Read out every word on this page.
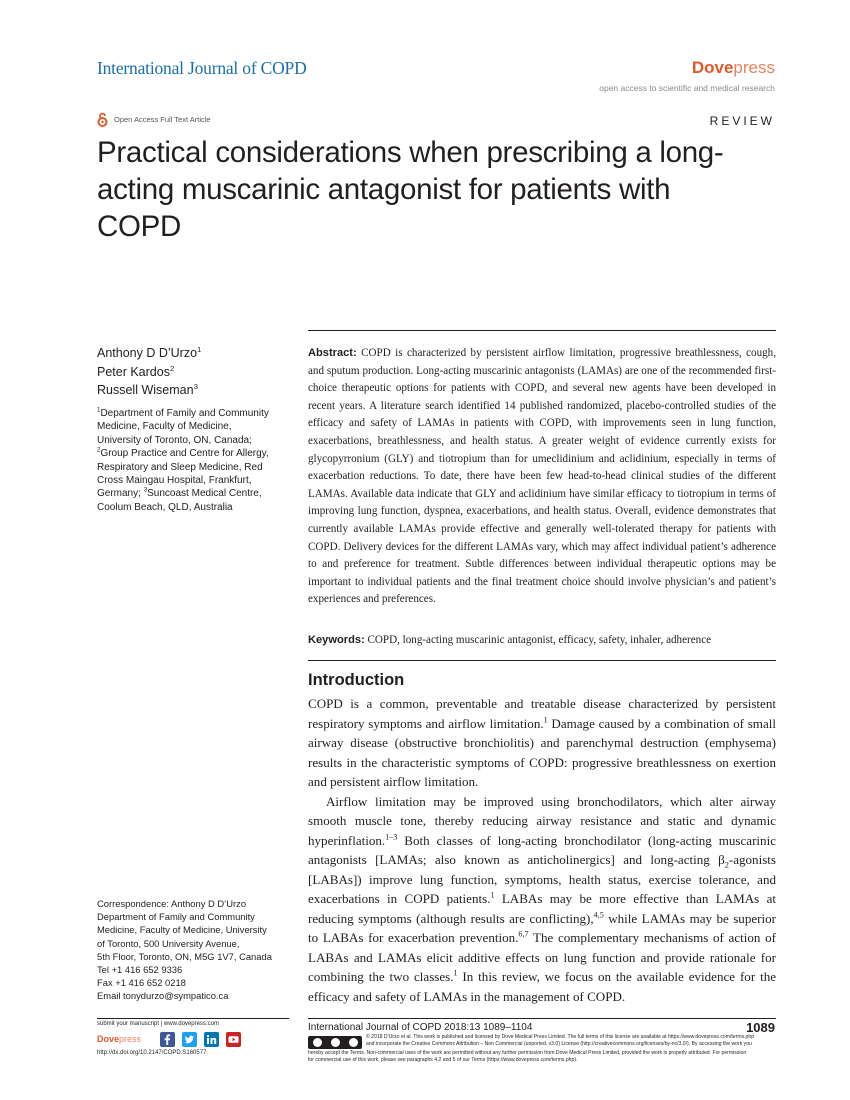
International Journal of COPD	Dovepress
open access to scientific and medical research
Open Access Full Text Article	REVIEW
Practical considerations when prescribing a long-acting muscarinic antagonist for patients with COPD
Anthony D D’Urzo$^1$
Peter Kardos$^2$
Russell Wiseman$^3$
$^1$Department of Family and Community Medicine, Faculty of Medicine, University of Toronto, ON, Canada; $^2$Group Practice and Centre for Allergy, Respiratory and Sleep Medicine, Red Cross Maingau Hospital, Frankfurt, Germany; $^3$Suncoast Medical Centre, Coolum Beach, QLD, Australia

Abstract: COPD is characterized by persistent airflow limitation, progressive breathlessness, cough, and sputum production. Long-acting muscarinic antagonists (LAMAs) are one of the recommended first-choice therapeutic options for patients with COPD, and several new agents have been developed in recent years. A literature search identified 14 published randomized, placebo-controlled studies of the efficacy and safety of LAMAs in patients with COPD, with improvements seen in lung function, exacerbations, breathlessness, and health status. A greater weight of evidence currently exists for glycopyrronium (GLY) and tiotropium than for umeclidinium and aclidinium, especially in terms of exacerbation reductions. To date, there have been few head-to-head clinical studies of the different LAMAs. Available data indicate that GLY and aclidinium have similar efficacy to tiotropium in terms of improving lung function, dyspnea, exacerbations, and health status. Overall, evidence demonstrates that currently available LAMAs provide effective and generally well-tolerated therapy for patients with COPD. Delivery devices for the different LAMAs vary, which may affect individual patient’s adherence to and preference for treatment. Subtle differences between individual therapeutic options may be important to individual patients and the final treatment choice should involve physician’s and patient’s experiences and preferences.

Keywords: COPD, long-acting muscarinic antagonist, efficacy, safety, inhaler, adherence

Introduction

COPD is a common, preventable and treatable disease characterized by persistent respiratory symptoms and airflow limitation.$^1$ Damage caused by a combination of small airway disease (obstructive bronchiolitis) and parenchymal destruction (emphysema) results in the characteristic symptoms of COPD: progressive breathlessness on exertion and persistent airflow limitation.

Airflow limitation may be improved using bronchodilators, which alter airway smooth muscle tone, thereby reducing airway resistance and static and dynamic hyperinflation.$^{1-3}$ Both classes of long-acting bronchodilator (long-acting muscarinic antagonists [LAMAs; also known as anticholinergics] and long-acting $\beta_2$-agonists [LABAs]) improve lung function, symptoms, health status, exercise tolerance, and exacerbations in COPD patients.$^1$ LABAs may be more effective than LAMAs at reducing symptoms (although results are conflicting),$^{4,5}$ while LAMAs may be superior to LABAs for exacerbation prevention.$^{6,7}$ The complementary mechanisms of action of LABAs and LAMAs elicit additive effects on lung function and provide rationale for combining the two classes.$^1$ In this review, we focus on the available evidence for the efficacy and safety of LAMAs in the management of COPD.

Correspondence: Anthony D D’Urzo
Department of Family and Community
Medicine, Faculty of Medicine, University
of Toronto, 500 University Avenue,
5th Floor, Toronto, ON, M5G 1V7, Canada
Tel +1 416 652 9336
Fax +1 416 652 0218
Email tonydurzo@sympatico.ca
submit your manuscript | www.dovepress.com
Dovepress
http://dx.doi.org/10.2147/COPD.S160577
International Journal of COPD 2018:13 1089–1104	1089
© 2018 D’Urzo et al. This work is published and licensed by Dove Medical Press Limited. The full terms of this license are available at https://www.dovepress.com/terms.php
and incorporate the Creative Commons Attribution – Non Commercial (unported, v3.0) License (http://creativecommons.org/licenses/by-nc/3.0/). By accessing the work you
hereby accept the Terms. Non-commercial uses of the work are permitted without any further permission from Dove Medical Press Limited, provided the work is properly attributed. For permission
for commercial use of this work, please see paragraphs 4.2 and 5 of our Terms (https://www.dovepress.com/terms.php).
